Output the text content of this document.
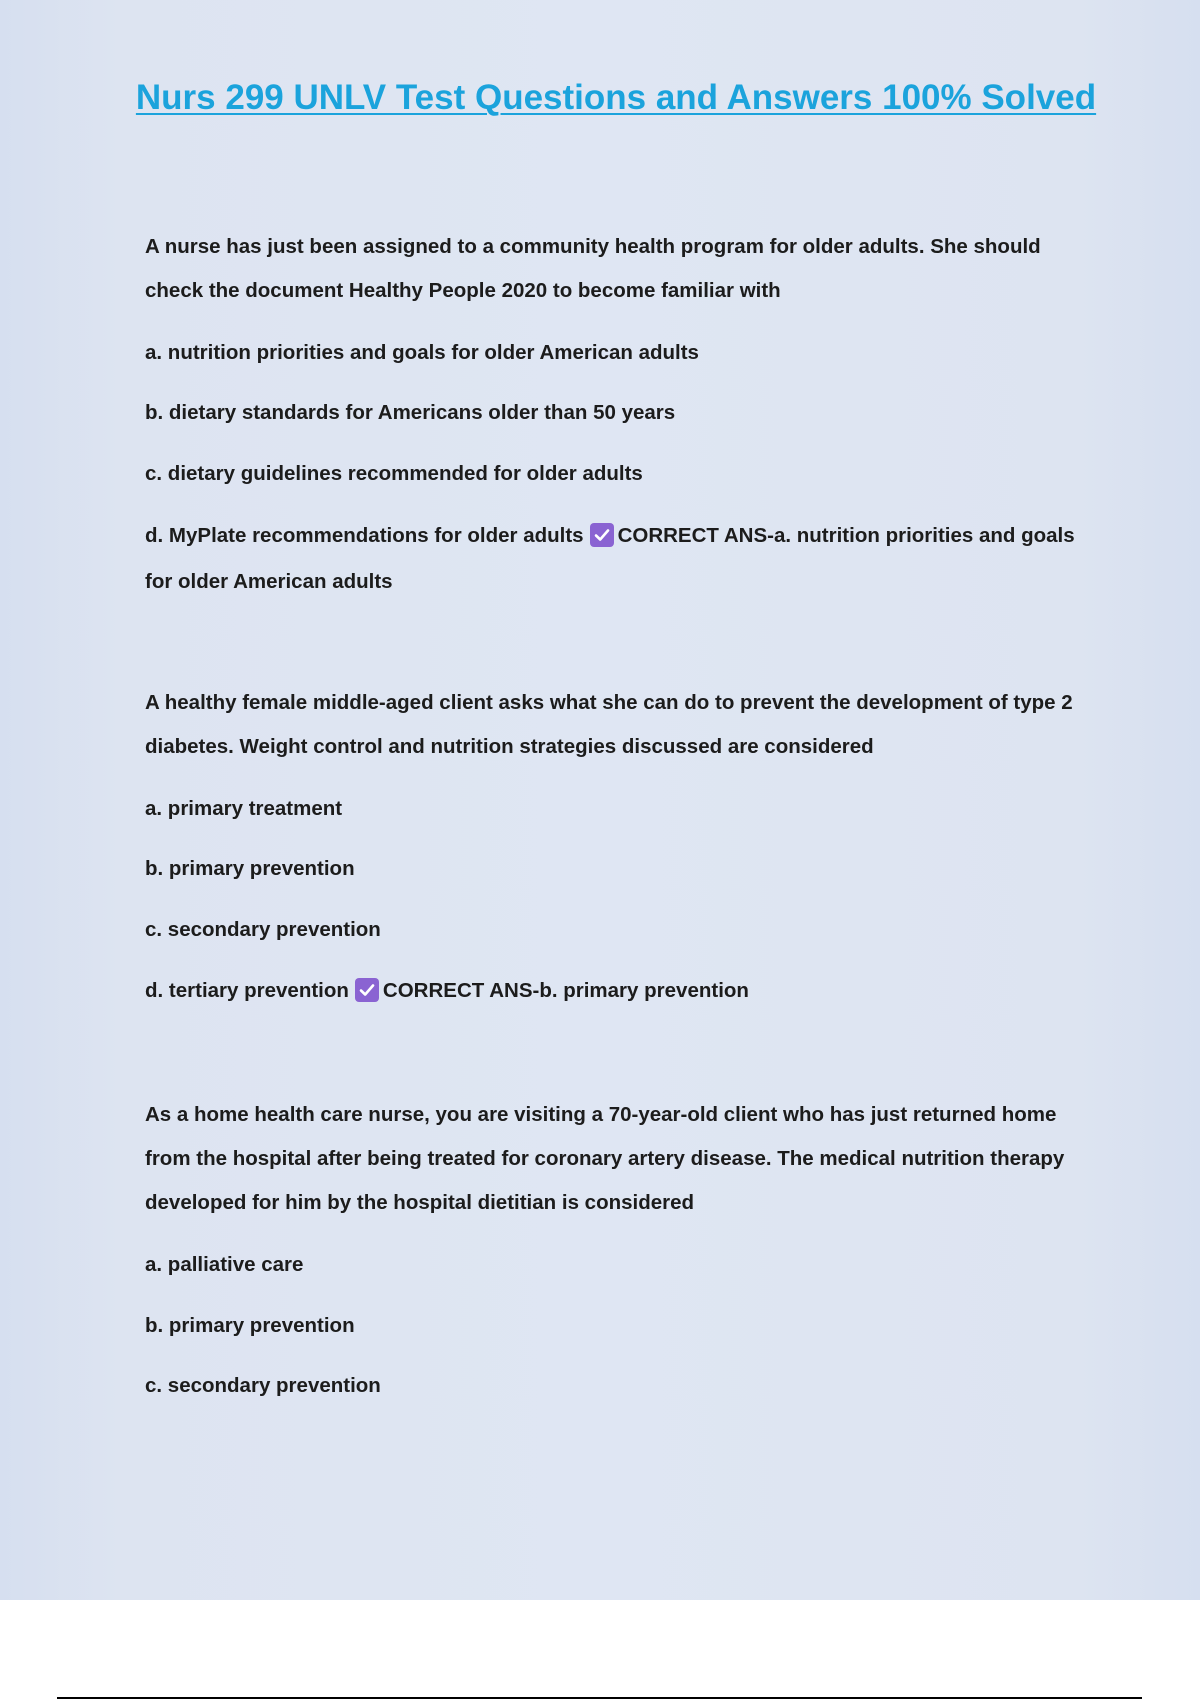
Nurs 299 UNLV Test Questions and Answers 100% Solved

A nurse has just been assigned to a community health program for older adults. She should check the document Healthy People 2020 to become familiar with

a. nutrition priorities and goals for older American adults

b. dietary standards for Americans older than 50 years

c. dietary guidelines recommended for older adults

d. MyPlate recommendations for older adults CORRECT ANS-a. nutrition priorities and goals for older American adults

A healthy female middle-aged client asks what she can do to prevent the development of type 2 diabetes. Weight control and nutrition strategies discussed are considered

a. primary treatment

b. primary prevention

c. secondary prevention

d. tertiary prevention CORRECT ANS-b. primary prevention

As a home health care nurse, you are visiting a 70-year-old client who has just returned home from the hospital after being treated for coronary artery disease. The medical nutrition therapy developed for him by the hospital dietitian is considered

a. palliative care

b. primary prevention

c. secondary prevention
